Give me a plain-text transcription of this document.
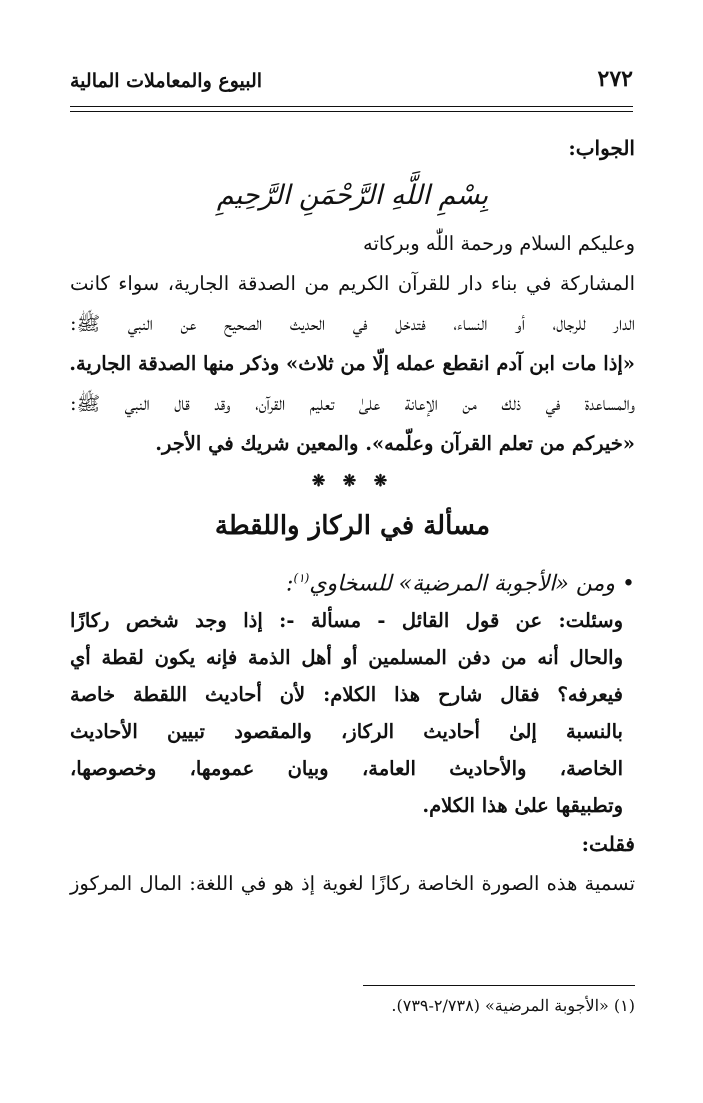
٢٧٢
البيوع والمعاملات المالية
الجواب:
بِسْمِ اللَّهِ الرَّحْمَنِ الرَّحِيمِ
وعليكم السلام ورحمة اللّٰه وبركاته
المشاركة في بناء دار للقرآن الكريم من الصدقة الجارية، سواء كانت
الدار للرجال، أو النساء، فتدخل في الحديث الصحيح عن النبي ﷺ:
«إذا مات ابن آدم انقطع عمله إلّا من ثلاث» وذكر منها الصدقة الجارية.
والمساعدة في ذلك من الإعانة علىٰ تعليم القرآن، وقد قال النبي ﷺ:
«خيركم من تعلم القرآن وعلّمه». والمعين شريك في الأجر.
❋ ❋ ❋
مسألة في الركاز واللقطة
• ومن «الأجوبة المرضية» للسخاوي$^{(١)}$:
وسئلت: عن قول القائل - مسألة -: إذا وجد شخص ركازًا
والحال أنه من دفن المسلمين أو أهل الذمة فإنه يكون لقطة أي
فيعرفه؟ فقال شارح هذا الكلام: لأن أحاديث اللقطة خاصة
بالنسبة إلىٰ أحاديث الركاز، والمقصود تبيين الأحاديث
الخاصة، والأحاديث العامة، وبيان عمومها، وخصوصها،
وتطبيقها علىٰ هذا الكلام.
فقلت:
تسمية هذه الصورة الخاصة ركازًا لغوية إذ هو في اللغة: المال المركوز
(١) «الأجوبة المرضية» (٢/٧٣٨-٧٣٩).
